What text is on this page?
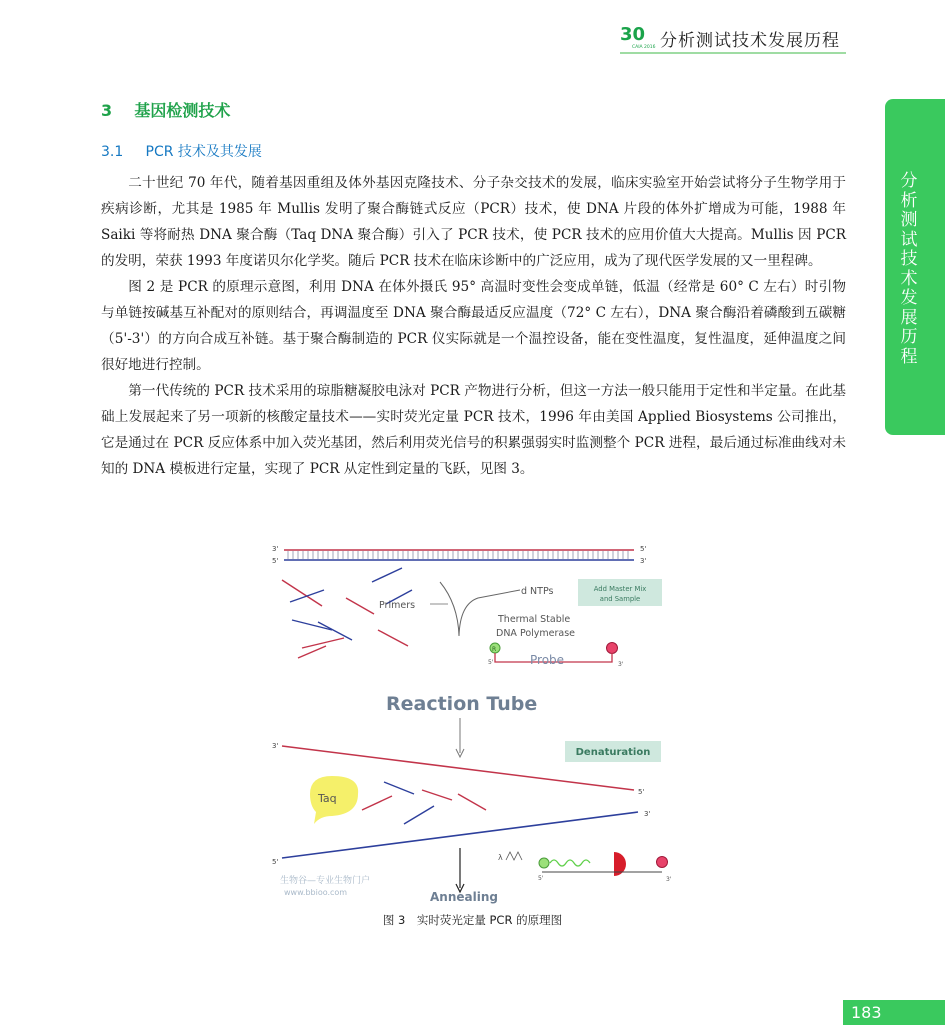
30
CAIA 2016 分析测试技术发展历程
分析测试技术发展历程
3 基因检测技术
3.1 PCR 技术及其发展

二十世纪 70 年代，随着基因重组及体外基因克隆技术、分子杂交技术的发展，临床实验室开始尝试将分子生物学用于疾病诊断，尤其是 1985 年 Mullis 发明了聚合酶链式反应（PCR）技术，使 DNA 片段的体外扩增成为可能，1988 年 Saiki 等将耐热 DNA 聚合酶（Taq DNA 聚合酶）引入了 PCR 技术，使 PCR 技术的应用价值大大提高。Mullis 因 PCR 的发明，荣获 1993 年度诺贝尔化学奖。随后 PCR 技术在临床诊断中的广泛应用，成为了现代医学发展的又一里程碑。

图 2 是 PCR 的原理示意图，利用 DNA 在体外摄氏 95° 高温时变性会变成单链，低温（经常是 60° C 左右）时引物与单链按碱基互补配对的原则结合，再调温度至 DNA 聚合酶最适反应温度（72° C 左右），DNA 聚合酶沿着磷酸到五碳糖（5'-3'）的方向合成互补链。基于聚合酶制造的 PCR 仪实际就是一个温控设备，能在变性温度，复性温度，延伸温度之间很好地进行控制。

第一代传统的 PCR 技术采用的琼脂糖凝胶电泳对 PCR 产物进行分析，但这一方法一般只能用于定性和半定量。在此基础上发展起来了另一项新的核酸定量技术——实时荧光定量 PCR 技术，1996 年由美国 Applied Biosystems 公司推出，它是通过在 PCR 反应体系中加入荧光基团，然后利用荧光信号的积累强弱实时监测整个 PCR 进程，最后通过标准曲线对未知的 DNA 模板进行定量，实现了 PCR 从定性到定量的飞跃，见图 3。

3'
5'
5'
3'
Primers
d NTPs	Add Master Mix
and Sample
Thermal Stable
DNA Polymerase
R
5'	3'
Probe
Reaction Tube
3'
5'
Denaturation
Taq
5'
3'
Annealing
λ
5'	3'
生物谷—专业生物门户
www.bbioo.com
图 3　实时荧光定量 PCR 的原理图
183
